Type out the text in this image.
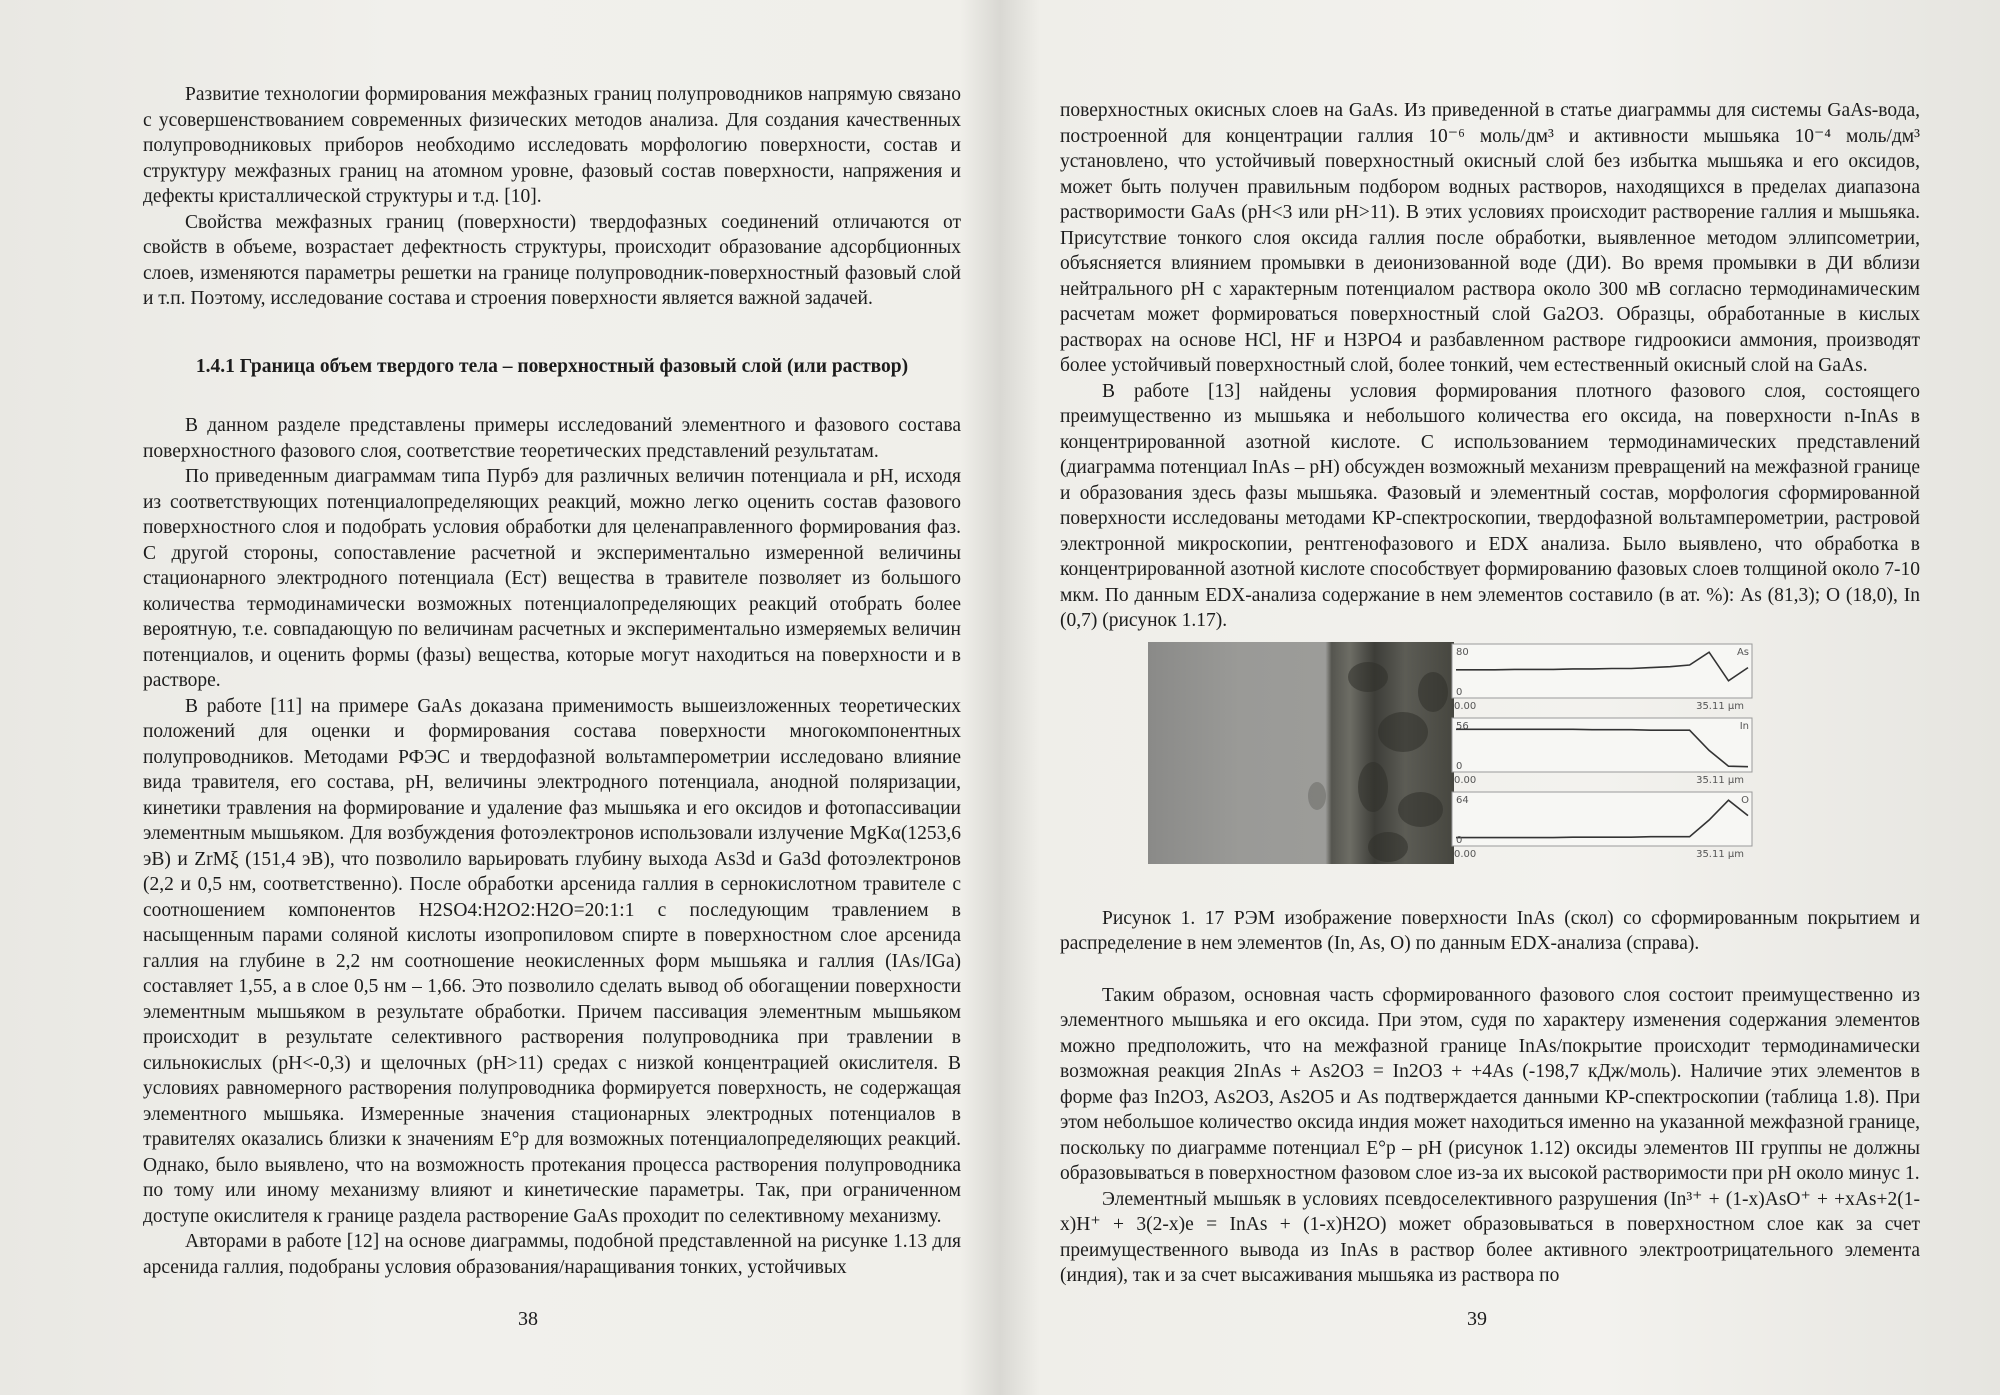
Развитие технологии формирования межфазных границ полупроводников напрямую связано с усовершенствованием современных физических методов анализа. Для создания качественных полупроводниковых приборов необходимо исследовать морфологию поверхности, состав и структуру межфазных границ на атомном уровне, фазовый состав поверхности, напряжения и дефекты кристаллической структуры и т.д. [10].

Свойства межфазных границ (поверхности) твердофазных соединений отличаются от свойств в объеме, возрастает дефектность структуры, происходит образование адсорбционных слоев, изменяются параметры решетки на границе полупроводник-поверхностный фазовый слой и т.п. Поэтому, исследование состава и строения поверхности является важной задачей.

1.4.1 Граница объем твердого тела – поверхностный фазовый слой (или раствор)

В данном разделе представлены примеры исследований элементного и фазового состава поверхностного фазового слоя, соответствие теоретических представлений результатам.

По приведенным диаграммам типа Пурбэ для различных величин потенциала и pH, исходя из соответствующих потенциалопределяющих реакций, можно легко оценить состав фазового поверхностного слоя и подобрать условия обработки для целенаправленного формирования фаз. С другой стороны, сопоставление расчетной и экспериментально измеренной величины стационарного электродного потенциала (Eст) вещества в травителе позволяет из большого количества термодинамически возможных потенциалопределяющих реакций отобрать более вероятную, т.е. совпадающую по величинам расчетных и экспериментально измеряемых величин потенциалов, и оценить формы (фазы) вещества, которые могут находиться на поверхности и в растворе.

В работе [11] на примере GaAs доказана применимость вышеизложенных теоретических положений для оценки и формирования состава поверхности многокомпонентных полупроводников. Методами РФЭС и твердофазной вольтамперометрии исследовано влияние вида травителя, его состава, pH, величины электродного потенциала, анодной поляризации, кинетики травления на формирование и удаление фаз мышьяка и его оксидов и фотопассивации элементным мышьяком. Для возбуждения фотоэлектронов использовали излучение MgKα(1253,6 эВ) и ZrMξ (151,4 эВ), что позволило варьировать глубину выхода As3d и Ga3d фотоэлектронов (2,2 и 0,5 нм, соответственно). После обработки арсенида галлия в сернокислотном травителе с соотношением компонентов H2SO4:H2O2:H2O=20:1:1 с последующим травлением в насыщенным парами соляной кислоты изопропиловом спирте в поверхностном слое арсенида галлия на глубине в 2,2 нм соотношение неокисленных форм мышьяка и галлия (IAs/IGa) составляет 1,55, а в слое 0,5 нм – 1,66. Это позволило сделать вывод об обогащении поверхности элементным мышьяком в результате обработки. Причем пассивация элементным мышьяком происходит в результате селективного растворения полупроводника при травлении в сильнокислых (pH<-0,3) и щелочных (pH>11) средах с низкой концентрацией окислителя. В условиях равномерного растворения полупроводника формируется поверхность, не содержащая элементного мышьяка. Измеренные значения стационарных электродных потенциалов в травителях оказались близки к значениям E°p для возможных потенциалопределяющих реакций. Однако, было выявлено, что на возможность протекания процесса растворения полупроводника по тому или иному механизму влияют и кинетические параметры. Так, при ограниченном доступе окислителя к границе раздела растворение GaAs проходит по селективному механизму.

Авторами в работе [12] на основе диаграммы, подобной представленной на рисунке 1.13 для арсенида галлия, подобраны условия образования/наращивания тонких, устойчивых

38

поверхностных окисных слоев на GaAs. Из приведенной в статье диаграммы для системы GaAs-вода, построенной для концентрации галлия 10⁻⁶ моль/дм³ и активности мышьяка 10⁻⁴ моль/дм³ установлено, что устойчивый поверхностный окисный слой без избытка мышьяка и его оксидов, может быть получен правильным подбором водных растворов, находящихся в пределах диапазона растворимости GaAs (pH<3 или pH>11). В этих условиях происходит растворение галлия и мышьяка. Присутствие тонкого слоя оксида галлия после обработки, выявленное методом эллипсометрии, объясняется влиянием промывки в деионизованной воде (ДИ). Во время промывки в ДИ вблизи нейтрального pH с характерным потенциалом раствора около 300 мВ согласно термодинамическим расчетам может формироваться поверхностный слой Ga2O3. Образцы, обработанные в кислых растворах на основе HCl, HF и H3PO4 и разбавленном растворе гидроокиси аммония, производят более устойчивый поверхностный слой, более тонкий, чем естественный окисный слой на GaAs.

В работе [13] найдены условия формирования плотного фазового слоя, состоящего преимущественно из мышьяка и небольшого количества его оксида, на поверхности n-InAs в концентрированной азотной кислоте. С использованием термодинамических представлений (диаграмма потенциал InAs – pH) обсужден возможный механизм превращений на межфазной границе и образования здесь фазы мышьяка. Фазовый и элементный состав, морфология сформированной поверхности исследованы методами КР-спектроскопии, твердофазной вольтамперометрии, растровой электронной микроскопии, рентгенофазового и EDX анализа. Было выявлено, что обработка в концентрированной азотной кислоте способствует формированию фазовых слоев толщиной около 7-10 мкм. По данным EDX-анализа содержание в нем элементов составило (в ат. %): As (81,3); O (18,0), In (0,7) (рисунок 1.17).

80
0
As
0.00	35.11 µm
56
0
In
0.00	35.11 µm
64
0
O
0.00	35.11 µm

Рисунок 1. 17 РЭМ изображение поверхности InAs (скол) со сформированным покрытием и распределение в нем элементов (In, As, O) по данным EDX-анализа (справа).

Таким образом, основная часть сформированного фазового слоя состоит преимущественно из элементного мышьяка и его оксида. При этом, судя по характеру изменения содержания элементов можно предположить, что на межфазной границе InAs/покрытие происходит термодинамически возможная реакция 2InAs + As2O3 = In2O3 + +4As (-198,7 кДж/моль). Наличие этих элементов в форме фаз In2O3, As2O3, As2O5 и As подтверждается данными КР-спектроскопии (таблица 1.8). При этом небольшое количество оксида индия может находиться именно на указанной межфазной границе, поскольку по диаграмме потенциал E°p – pH (рисунок 1.12) оксиды элементов III группы не должны образовываться в поверхностном фазовом слое из-за их высокой растворимости при pH около минус 1.

Элементный мышьяк в условиях псевдоселективного разрушения (In³⁺ + (1-x)AsO⁺ + +xAs+2(1-x)H⁺ + 3(2-x)e = InAs + (1-x)H2O) может образовываться в поверхностном слое как за счет преимущественного вывода из InAs в раствор более активного электроотрицательного элемента (индия), так и за счет высаживания мышьяка из раствора по

39
